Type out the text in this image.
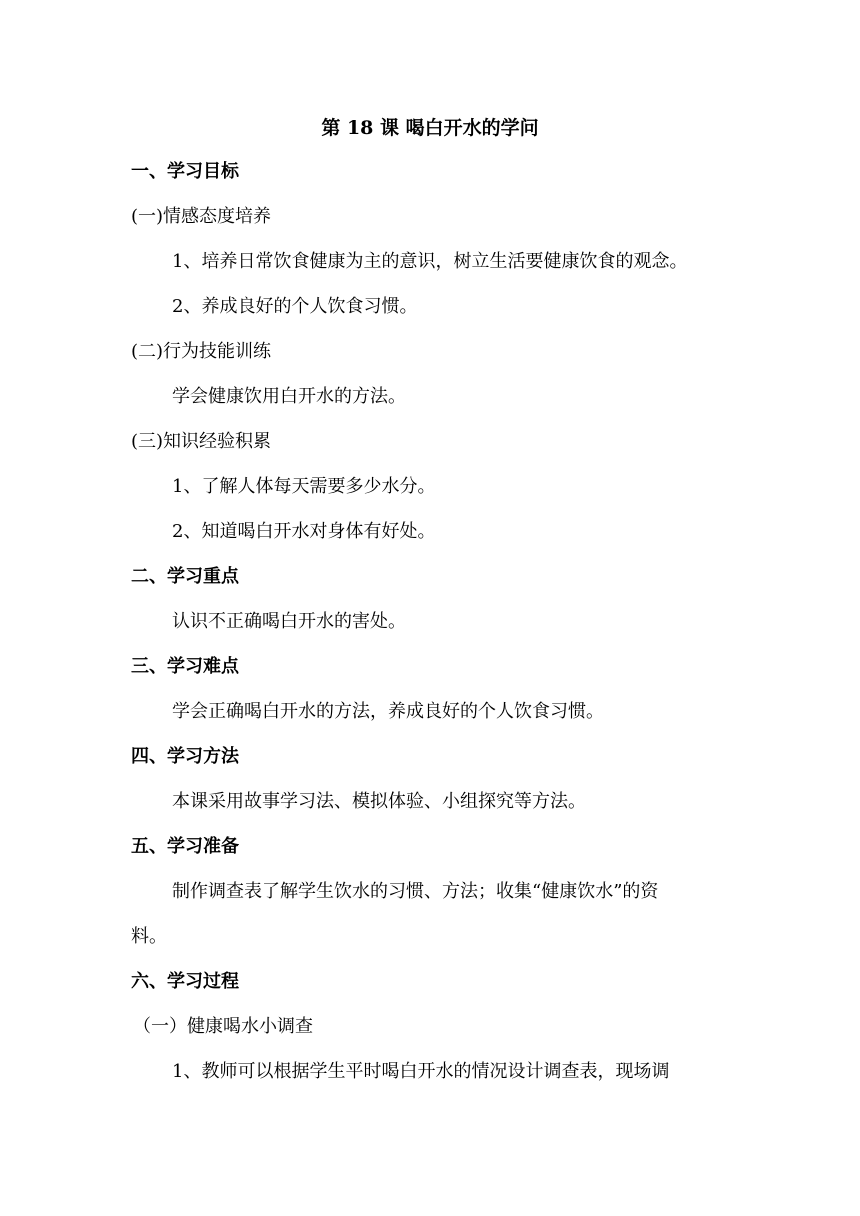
第 18 课 喝白开水的学问
一、学习目标
(一)情感态度培养
1、培养日常饮食健康为主的意识，树立生活要健康饮食的观念。
2、养成良好的个人饮食习惯。
(二)行为技能训练
学会健康饮用白开水的方法。
(三)知识经验积累
1、了解人体每天需要多少水分。
2、知道喝白开水对身体有好处。
二、学习重点
认识不正确喝白开水的害处。
三、学习难点
学会正确喝白开水的方法，养成良好的个人饮食习惯。
四、学习方法
本课采用故事学习法、模拟体验、小组探究等方法。
五、学习准备
制作调查表了解学生饮水的习惯、方法；收集“健康饮水”的资
料。
六、学习过程
（一）健康喝水小调查
1、教师可以根据学生平时喝白开水的情况设计调查表，现场调
